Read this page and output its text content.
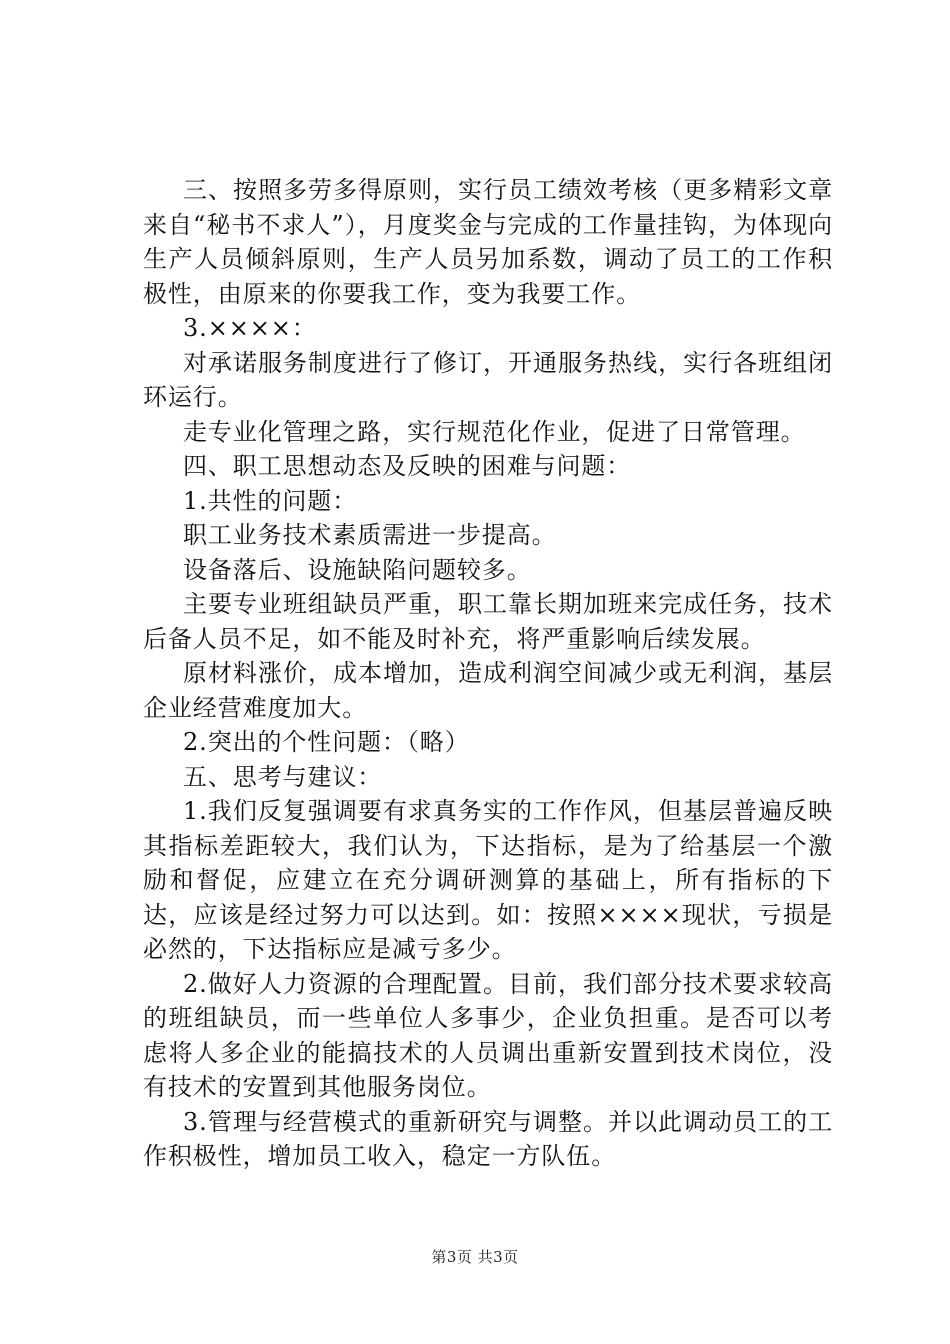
三、按照多劳多得原则，实行员工绩效考核（更多精彩文章来自“秘书不求人”），月度奖金与完成的工作量挂钩，为体现向生产人员倾斜原则，生产人员另加系数，调动了员工的工作积极性，由原来的你要我工作，变为我要工作。

3.××××：

对承诺服务制度进行了修订，开通服务热线，实行各班组闭环运行。

走专业化管理之路，实行规范化作业，促进了日常管理。

四、职工思想动态及反映的困难与问题：

1.共性的问题：

职工业务技术素质需进一步提高。

设备落后、设施缺陷问题较多。

主要专业班组缺员严重，职工靠长期加班来完成任务，技术后备人员不足，如不能及时补充，将严重影响后续发展。

原材料涨价，成本增加，造成利润空间减少或无利润，基层企业经营难度加大。

2.突出的个性问题：（略）

五、思考与建议：

1.我们反复强调要有求真务实的工作作风，但基层普遍反映其指标差距较大，我们认为，下达指标，是为了给基层一个激励和督促，应建立在充分调研测算的基础上，所有指标的下达，应该是经过努力可以达到。如：按照××××现状，亏损是必然的，下达指标应是减亏多少。

2.做好人力资源的合理配置。目前，我们部分技术要求较高的班组缺员，而一些单位人多事少，企业负担重。是否可以考虑将人多企业的能搞技术的人员调出重新安置到技术岗位，没有技术的安置到其他服务岗位。

3.管理与经营模式的重新研究与调整。并以此调动员工的工作积极性，增加员工收入，稳定一方队伍。

第3页 共3页
